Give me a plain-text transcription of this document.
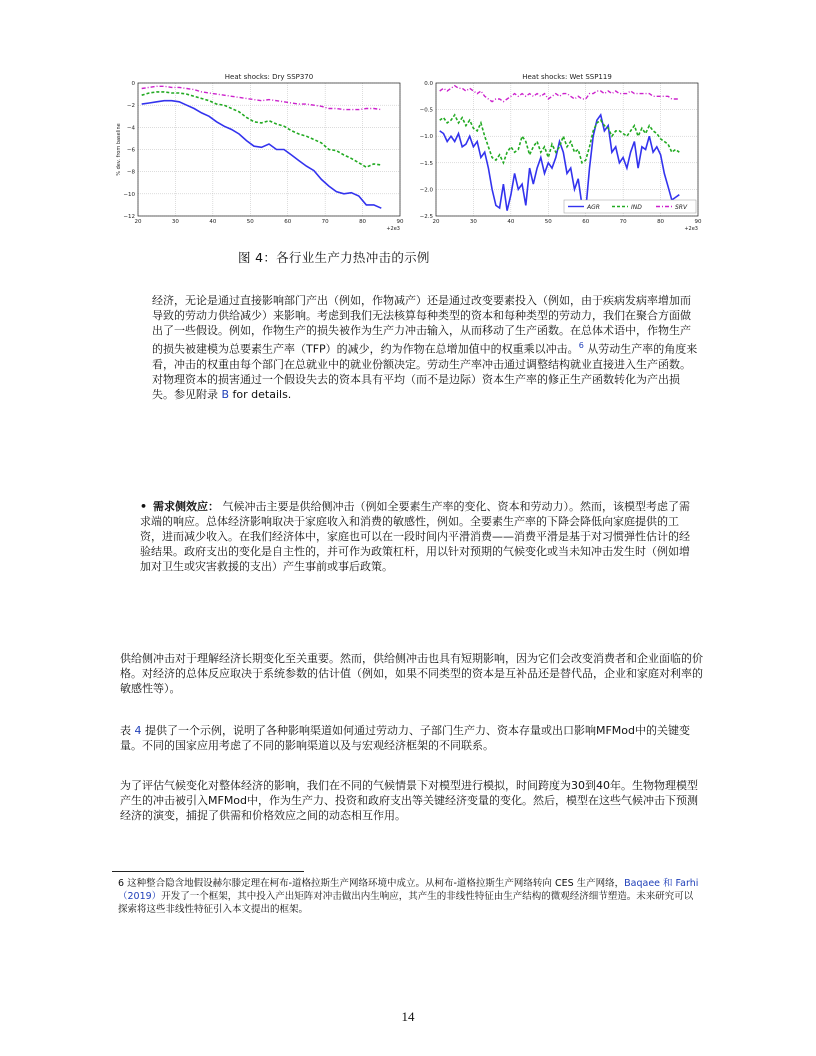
Heat shocks: Dry SSP370
0
−2
−4
−6
−8
−10
−12
20	30	40	50	60	70	80	90
+2e3
% dev. from baseline
Heat shocks: Wet SSP119
0.0
−0.5
−1.0
−1.5
−2.0
−2.5
20	30	40	50	60	70	80	90
+2e3
AGR	IND	SRV
图 4：各行业生产力热冲击的示例

经济，无论是通过直接影响部门产出（例如，作物减产）还是通过改变要素投入（例如，由于疾病发病率增加而导致的劳动力供给减少）来影响。考虑到我们无法核算每种类型的资本和每种类型的劳动力，我们在聚合方面做出了一些假设。例如，作物生产的损失被作为生产力冲击输入，从而移动了生产函数。在总体术语中，作物生产的损失被建模为总要素生产率（TFP）的减少，约为作物在总增加值中的权重乘以冲击。$^6$ 从劳动生产率的角度来看，冲击的权重由每个部门在总就业中的就业份额决定。劳动生产率冲击通过调整结构就业直接进入生产函数。对物理资本的损害通过一个假设失去的资本具有平均（而不是边际）资本生产率的修正生产函数转化为产出损失。参见附录 B for details.

• 需求侧效应： 气候冲击主要是供给侧冲击（例如全要素生产率的变化、资本和劳动力）。然而，该模型考虑了需求端的响应。总体经济影响取决于家庭收入和消费的敏感性，例如。全要素生产率的下降会降低向家庭提供的工资，进而减少收入。在我们经济体中，家庭也可以在一段时间内平滑消费——消费平滑是基于对习惯弹性估计的经验结果。政府支出的变化是自主性的，并可作为政策杠杆，用以针对预期的气候变化或当未知冲击发生时（例如增加对卫生或灾害救援的支出）产生事前或事后政策。

供给侧冲击对于理解经济长期变化至关重要。然而，供给侧冲击也具有短期影响，因为它们会改变消费者和企业面临的价格。对经济的总体反应取决于系统参数的估计值（例如，如果不同类型的资本是互补品还是替代品，企业和家庭对利率的敏感性等）。

表 4 提供了一个示例，说明了各种影响渠道如何通过劳动力、子部门生产力、资本存量或出口影响MFMod中的关键变量。不同的国家应用考虑了不同的影响渠道以及与宏观经济框架的不同联系。

为了评估气候变化对整体经济的影响，我们在不同的气候情景下对模型进行模拟，时间跨度为30到40年。生物物理模型产生的冲击被引入MFMod中，作为生产力、投资和政府支出等关键经济变量的变化。然后，模型在这些气候冲击下预测经济的演变，捕捉了供需和价格效应之间的动态相互作用。

6 这种整合隐含地假设赫尔滕定理在柯布-道格拉斯生产网络环境中成立。从柯布-道格拉斯生产网络转向 CES 生产网络，Baqaee 和 Farhi （2019）开发了一个框架，其中投入产出矩阵对冲击做出内生响应，其产生的非线性特征由生产结构的微观经济细节塑造。未来研究可以探索将这些非线性特征引入本文提出的框架。

14
